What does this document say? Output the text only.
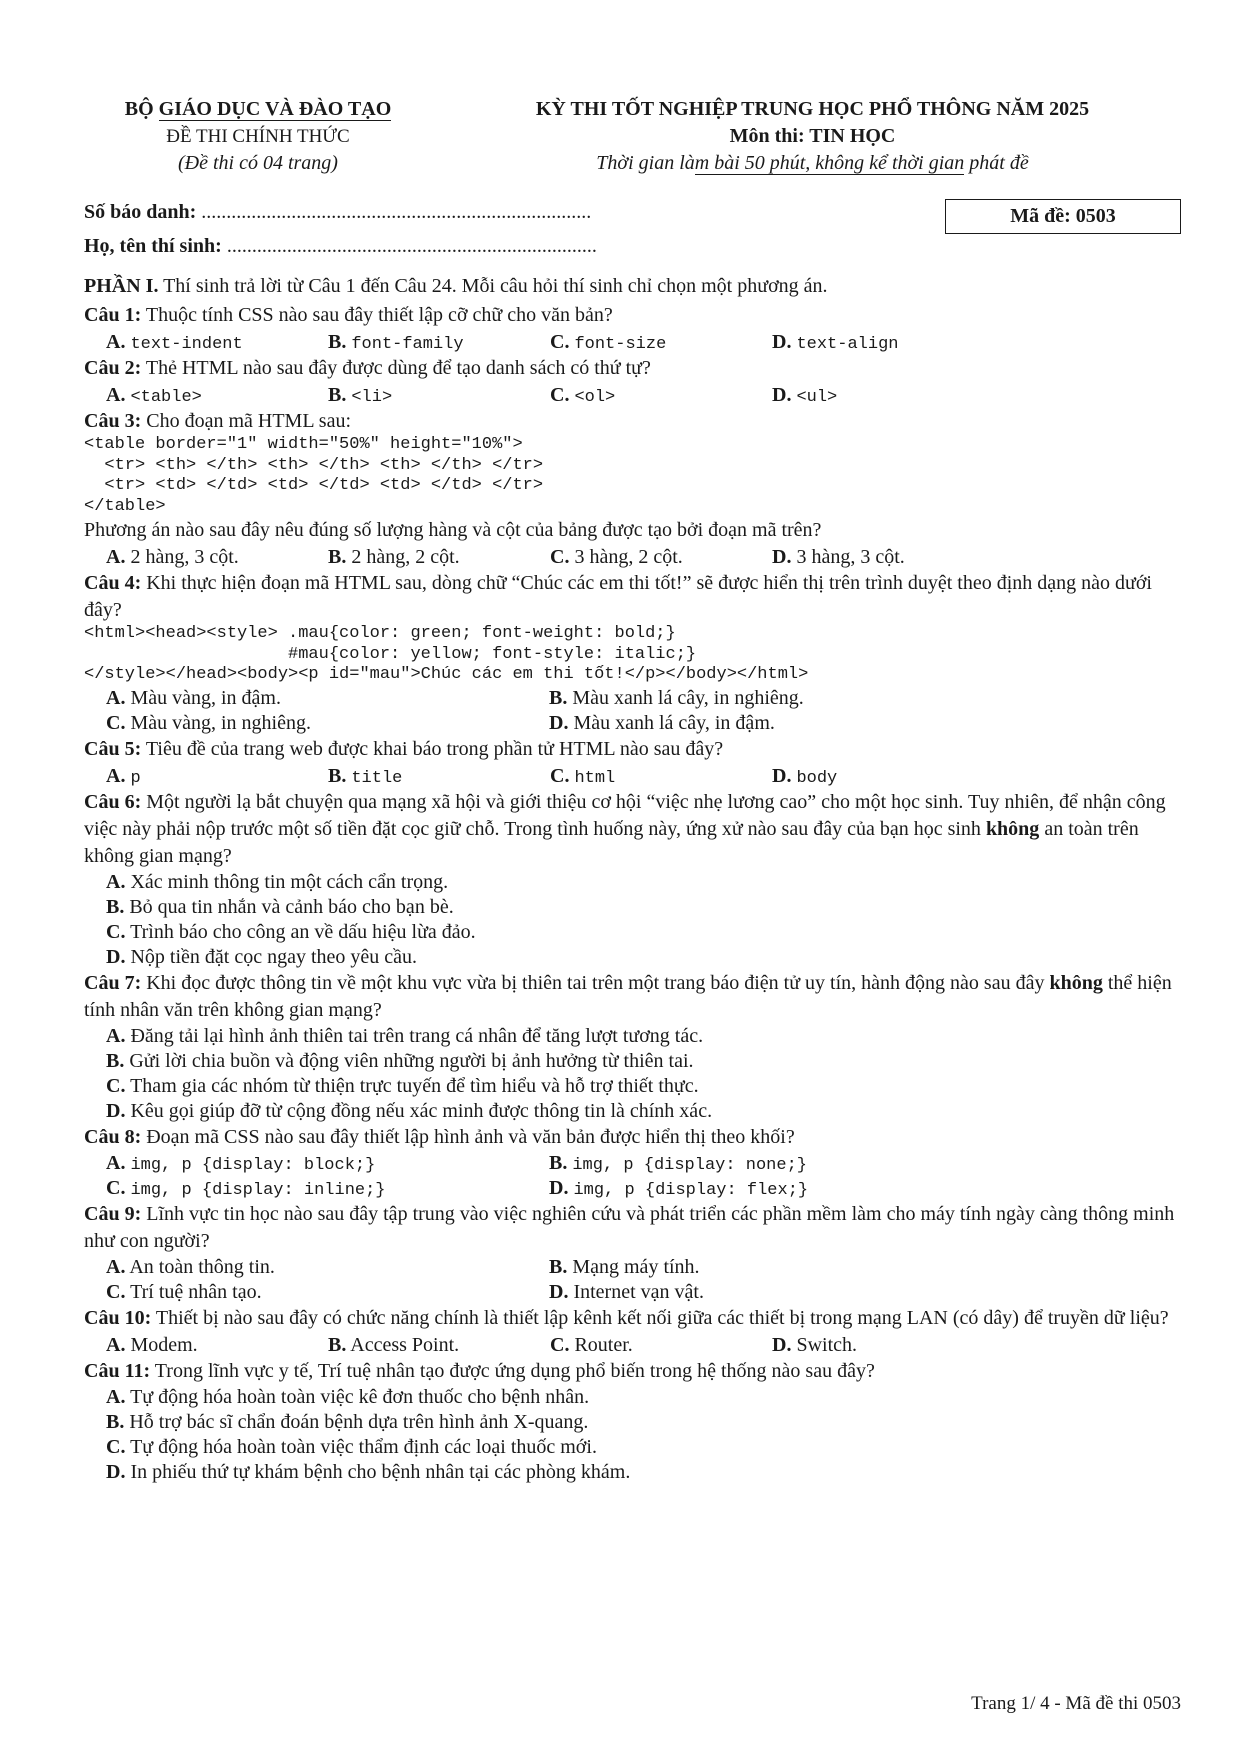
BỘ GIÁO DỤC VÀ ĐÀO TẠO
ĐỀ THI CHÍNH THỨC
(Đề thi có 04 trang)
KỲ THI TỐT NGHIỆP TRUNG HỌC PHỔ THÔNG NĂM 2025
Môn thi: TIN HỌC
Thời gian làm bài 50 phút, không kể thời gian phát đề
Số báo danh: ..............................................................................
Họ, tên thí sinh: ..........................................................................
Mã đề: 0503
PHẦN I. Thí sinh trả lời từ Câu 1 đến Câu 24. Mỗi câu hỏi thí sinh chỉ chọn một phương án.
Câu 1: Thuộc tính CSS nào sau đây thiết lập cỡ chữ cho văn bản?
A. text-indent	B. font-family	C. font-size	D. text-align
Câu 2: Thẻ HTML nào sau đây được dùng để tạo danh sách có thứ tự?
A. <table>	B. <li>	C. <ol>	D. <ul>
Câu 3: Cho đoạn mã HTML sau:
<table border="1" width="50%" height="10%">
<tr> <th> </th> <th> </th> <th> </th> </tr>
<tr> <td> </td> <td> </td> <td> </td> </tr>
</table>
Phương án nào sau đây nêu đúng số lượng hàng và cột của bảng được tạo bởi đoạn mã trên?
A. 2 hàng, 3 cột.	B. 2 hàng, 2 cột.	C. 3 hàng, 2 cột.	D. 3 hàng, 3 cột.
Câu 4: Khi thực hiện đoạn mã HTML sau, dòng chữ “Chúc các em thi tốt!” sẽ được hiển thị trên trình duyệt theo định dạng nào dưới đây?
<html><head><style> .mau{color: green; font-weight: bold;}
#mau{color: yellow; font-style: italic;}
</style></head><body><p id="mau">Chúc các em thi tốt!</p></body></html>
A. Màu vàng, in đậm.	B. Màu xanh lá cây, in nghiêng.
C. Màu vàng, in nghiêng.	D. Màu xanh lá cây, in đậm.
Câu 5: Tiêu đề của trang web được khai báo trong phần tử HTML nào sau đây?
A. p	B. title	C. html	D. body
Câu 6: Một người lạ bắt chuyện qua mạng xã hội và giới thiệu cơ hội “việc nhẹ lương cao” cho một học sinh. Tuy nhiên, để nhận công việc này phải nộp trước một số tiền đặt cọc giữ chỗ. Trong tình huống này, ứng xử nào sau đây của bạn học sinh không an toàn trên không gian mạng?
A. Xác minh thông tin một cách cẩn trọng.
B. Bỏ qua tin nhắn và cảnh báo cho bạn bè.
C. Trình báo cho công an về dấu hiệu lừa đảo.
D. Nộp tiền đặt cọc ngay theo yêu cầu.
Câu 7: Khi đọc được thông tin về một khu vực vừa bị thiên tai trên một trang báo điện tử uy tín, hành động nào sau đây không thể hiện tính nhân văn trên không gian mạng?
A. Đăng tải lại hình ảnh thiên tai trên trang cá nhân để tăng lượt tương tác.
B. Gửi lời chia buồn và động viên những người bị ảnh hưởng từ thiên tai.
C. Tham gia các nhóm từ thiện trực tuyến để tìm hiểu và hỗ trợ thiết thực.
D. Kêu gọi giúp đỡ từ cộng đồng nếu xác minh được thông tin là chính xác.
Câu 8: Đoạn mã CSS nào sau đây thiết lập hình ảnh và văn bản được hiển thị theo khối?
A. img, p {display: block;}	B. img, p {display: none;}
C. img, p {display: inline;}	D. img, p {display: flex;}
Câu 9: Lĩnh vực tin học nào sau đây tập trung vào việc nghiên cứu và phát triển các phần mềm làm cho máy tính ngày càng thông minh như con người?
A. An toàn thông tin.	B. Mạng máy tính.
C. Trí tuệ nhân tạo.	D. Internet vạn vật.
Câu 10: Thiết bị nào sau đây có chức năng chính là thiết lập kênh kết nối giữa các thiết bị trong mạng LAN (có dây) để truyền dữ liệu?
A. Modem.	B. Access Point.	C. Router.	D. Switch.
Câu 11: Trong lĩnh vực y tế, Trí tuệ nhân tạo được ứng dụng phổ biến trong hệ thống nào sau đây?
A. Tự động hóa hoàn toàn việc kê đơn thuốc cho bệnh nhân.
B. Hỗ trợ bác sĩ chẩn đoán bệnh dựa trên hình ảnh X-quang.
C. Tự động hóa hoàn toàn việc thẩm định các loại thuốc mới.
D. In phiếu thứ tự khám bệnh cho bệnh nhân tại các phòng khám.
Trang 1/ 4 - Mã đề thi 0503
